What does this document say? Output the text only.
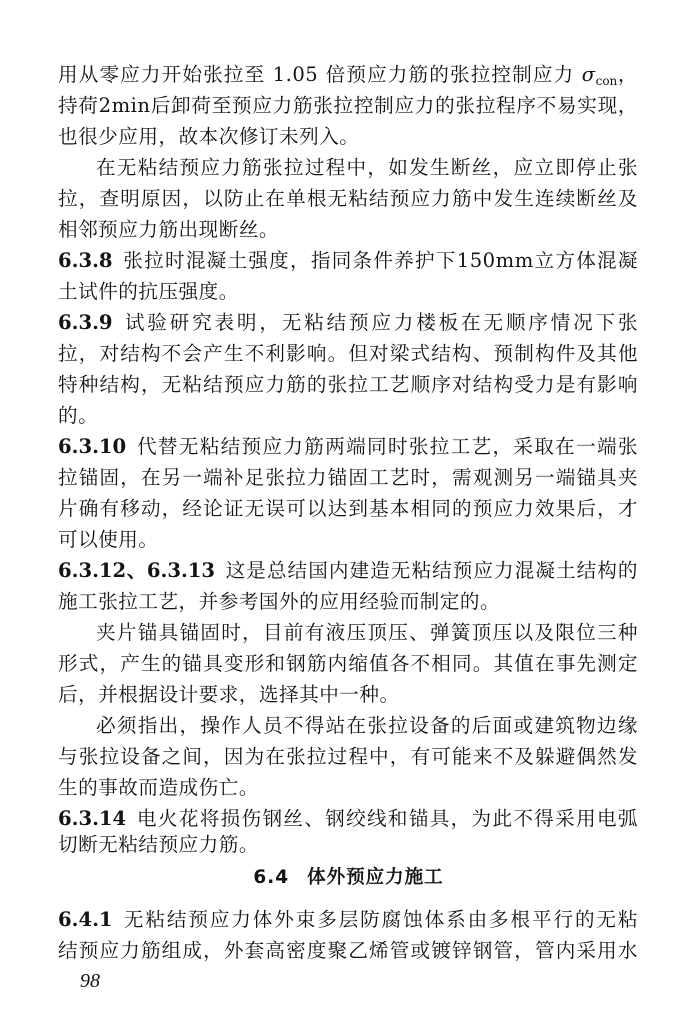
用从零应力开始张拉至 1.05 倍预应力筋的张拉控制应力 $\sigma_{con}$，
持荷2min后卸荷至预应力筋张拉控制应力的张拉程序不易实现，
也很少应用，故本次修订未列入。
在无粘结预应力筋张拉过程中，如发生断丝，应立即停止张
拉，查明原因，以防止在单根无粘结预应力筋中发生连续断丝及
相邻预应力筋出现断丝。
6.3.8 张拉时混凝土强度，指同条件养护下150mm立方体混凝
土试件的抗压强度。
6.3.9 试验研究表明，无粘结预应力楼板在无顺序情况下张
拉，对结构不会产生不利影响。但对梁式结构、预制构件及其他
特种结构，无粘结预应力筋的张拉工艺顺序对结构受力是有影响
的。
6.3.10 代替无粘结预应力筋两端同时张拉工艺，采取在一端张
拉锚固，在另一端补足张拉力锚固工艺时，需观测另一端锚具夹
片确有移动，经论证无误可以达到基本相同的预应力效果后，才
可以使用。
6.3.12、6.3.13 这是总结国内建造无粘结预应力混凝土结构的
施工张拉工艺，并参考国外的应用经验而制定的。
夹片锚具锚固时，目前有液压顶压、弹簧顶压以及限位三种
形式，产生的锚具变形和钢筋内缩值各不相同。其值在事先测定
后，并根据设计要求，选择其中一种。
必须指出，操作人员不得站在张拉设备的后面或建筑物边缘
与张拉设备之间，因为在张拉过程中，有可能来不及躲避偶然发
生的事故而造成伤亡。
6.3.14 电火花将损伤钢丝、钢绞线和锚具，为此不得采用电弧
切断无粘结预应力筋。
6.4 体外预应力施工
6.4.1 无粘结预应力体外束多层防腐蚀体系由多根平行的无粘
结预应力筋组成，外套高密度聚乙烯管或镀锌钢管，管内采用水
98
